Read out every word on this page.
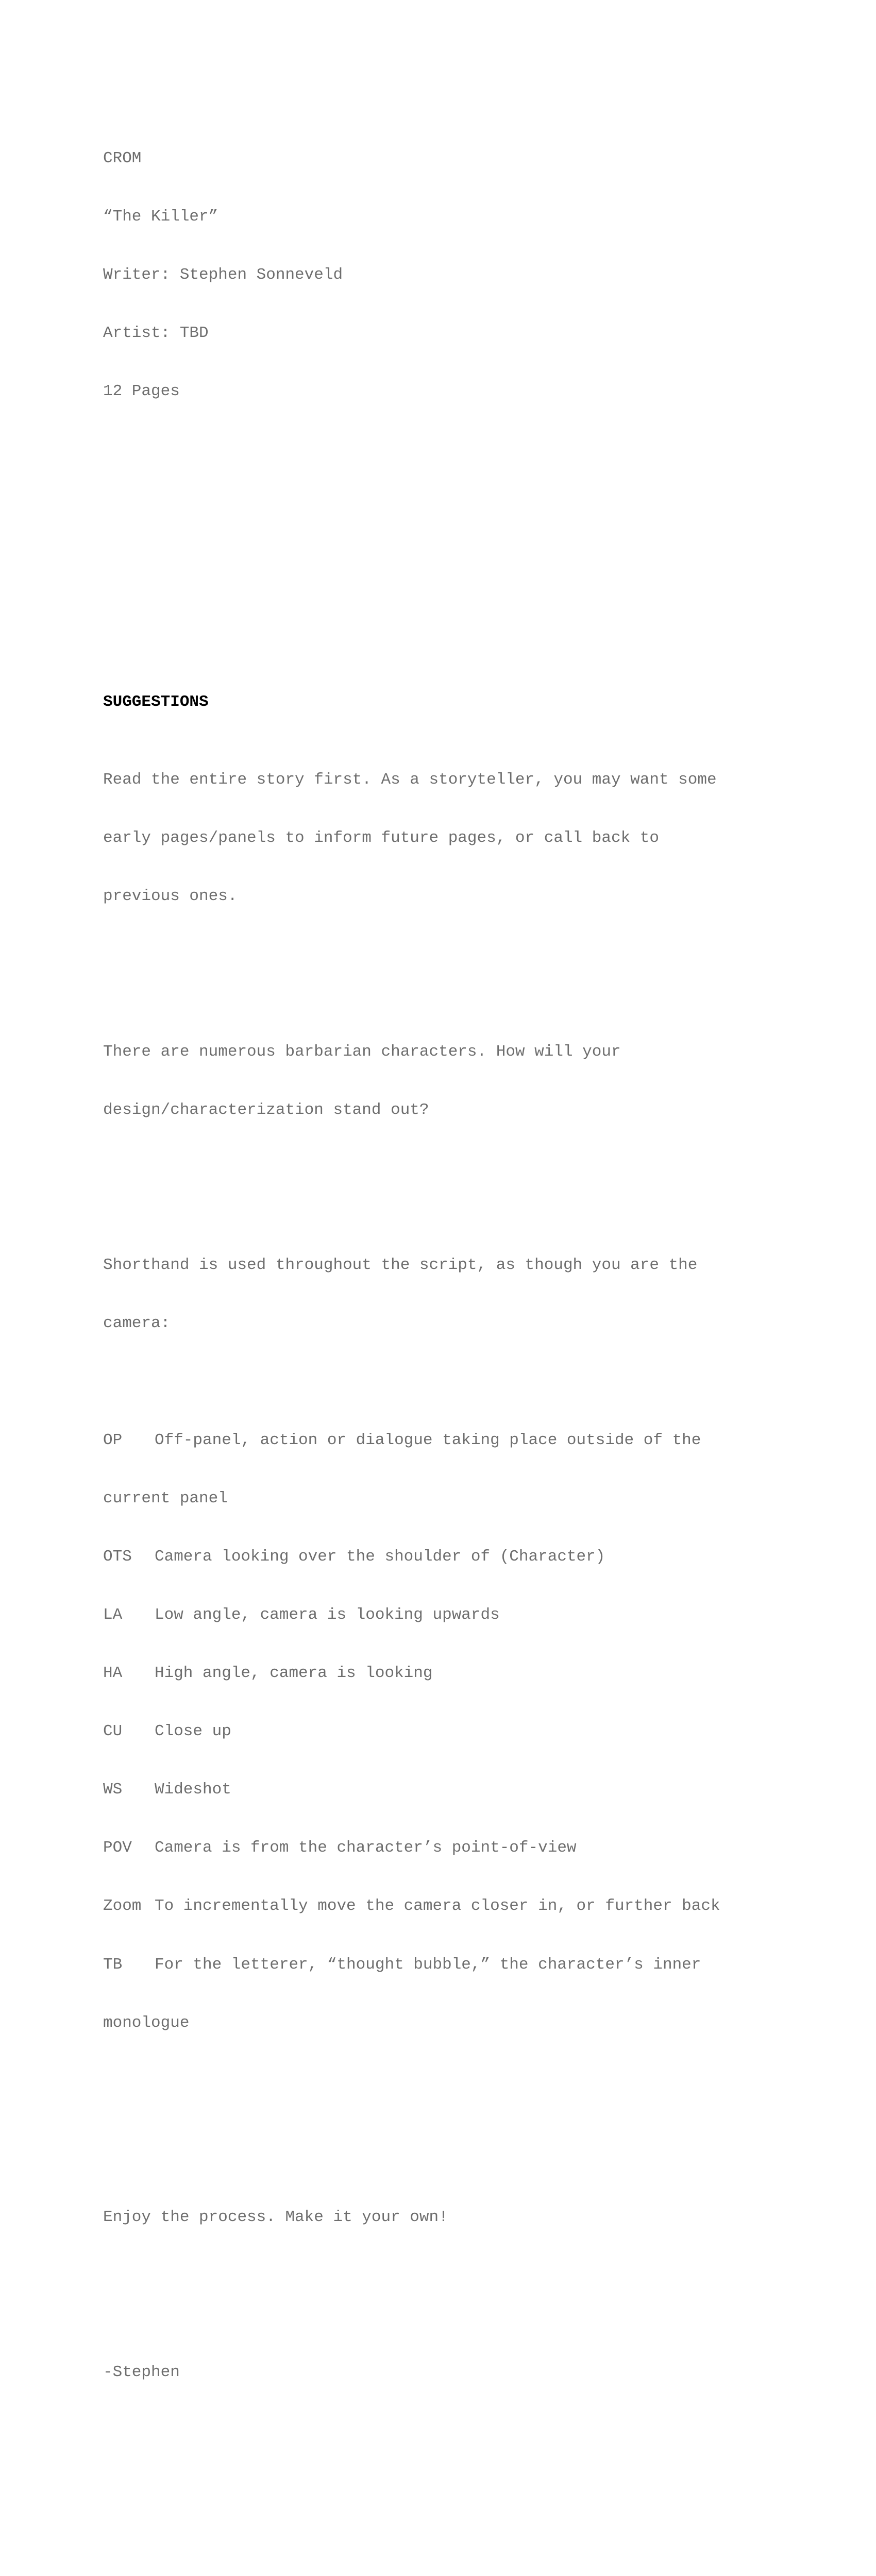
CROM

“The Killer”

Writer: Stephen Sonneveld

Artist: TBD

12 Pages

SUGGESTIONS

Read the entire story first. As a storyteller, you may want some

early pages/panels to inform future pages, or call back to

previous ones.

There are numerous barbarian characters. How will your

design/characterization stand out?

Shorthand is used throughout the script, as though you are the

camera:

OP Off-panel, action or dialogue taking place outside of the

current panel

OTS Camera looking over the shoulder of (Character)

LA Low angle, camera is looking upwards

HA High angle, camera is looking

CU Close up

WS Wideshot

POV Camera is from the character’s point-of-view

Zoom To incrementally move the camera closer in, or further back

TB For the letterer, “thought bubble,” the character’s inner

monologue

Enjoy the process. Make it your own!

-Stephen
